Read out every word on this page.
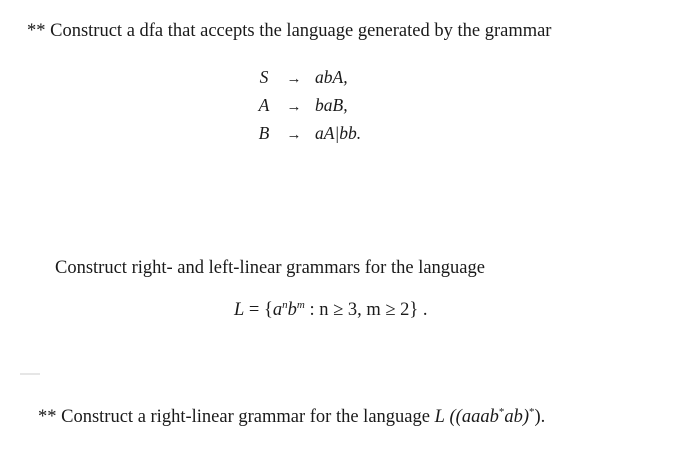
** Construct a dfa that accepts the language generated by the grammar
S	→ abA,
A	→ baB,
B	→ aA|bb.
Construct right- and left-linear grammars for the language
$L = \{a^nb^m$ : n ≥ 3, m ≥ 2} .
** Construct a right-linear grammar for the language L ((aaab*ab)*).
